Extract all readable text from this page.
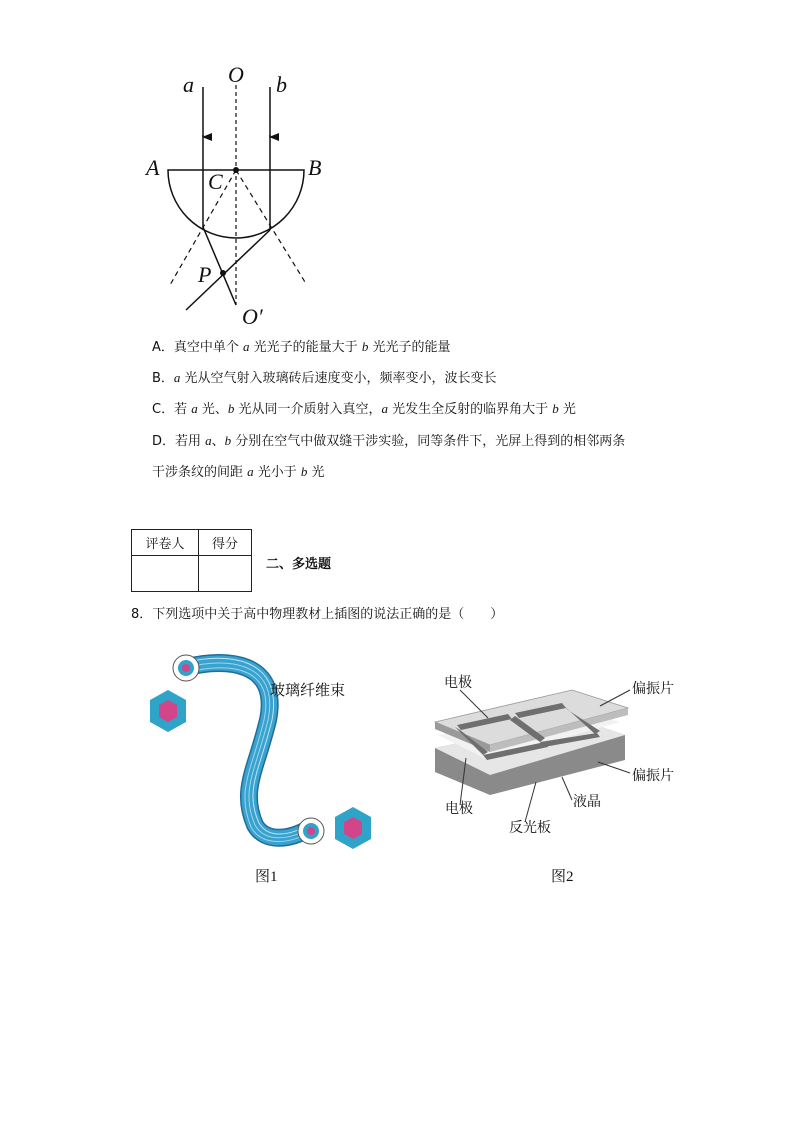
a O b
A	B
C
P
O′
A．真空中单个 a 光光子的能量大于 b 光光子的能量
B．a 光从空气射入玻璃砖后速度变小，频率变小，波长变长
C．若 a 光、b 光从同一介质射入真空，a 光发生全反射的临界角大于 b 光
D．若用 a、b 分别在空气中做双缝干涉实验，同等条件下，光屏上得到的相邻两条
干涉条纹的间距 a 光小于 b 光
评卷人	得分

二、多选题
8．下列选项中关于高中物理教材上插图的说法正确的是（　　）
玻璃纤维束
图1
电极	偏振片
偏振片
液晶
电极
反光板
图2
